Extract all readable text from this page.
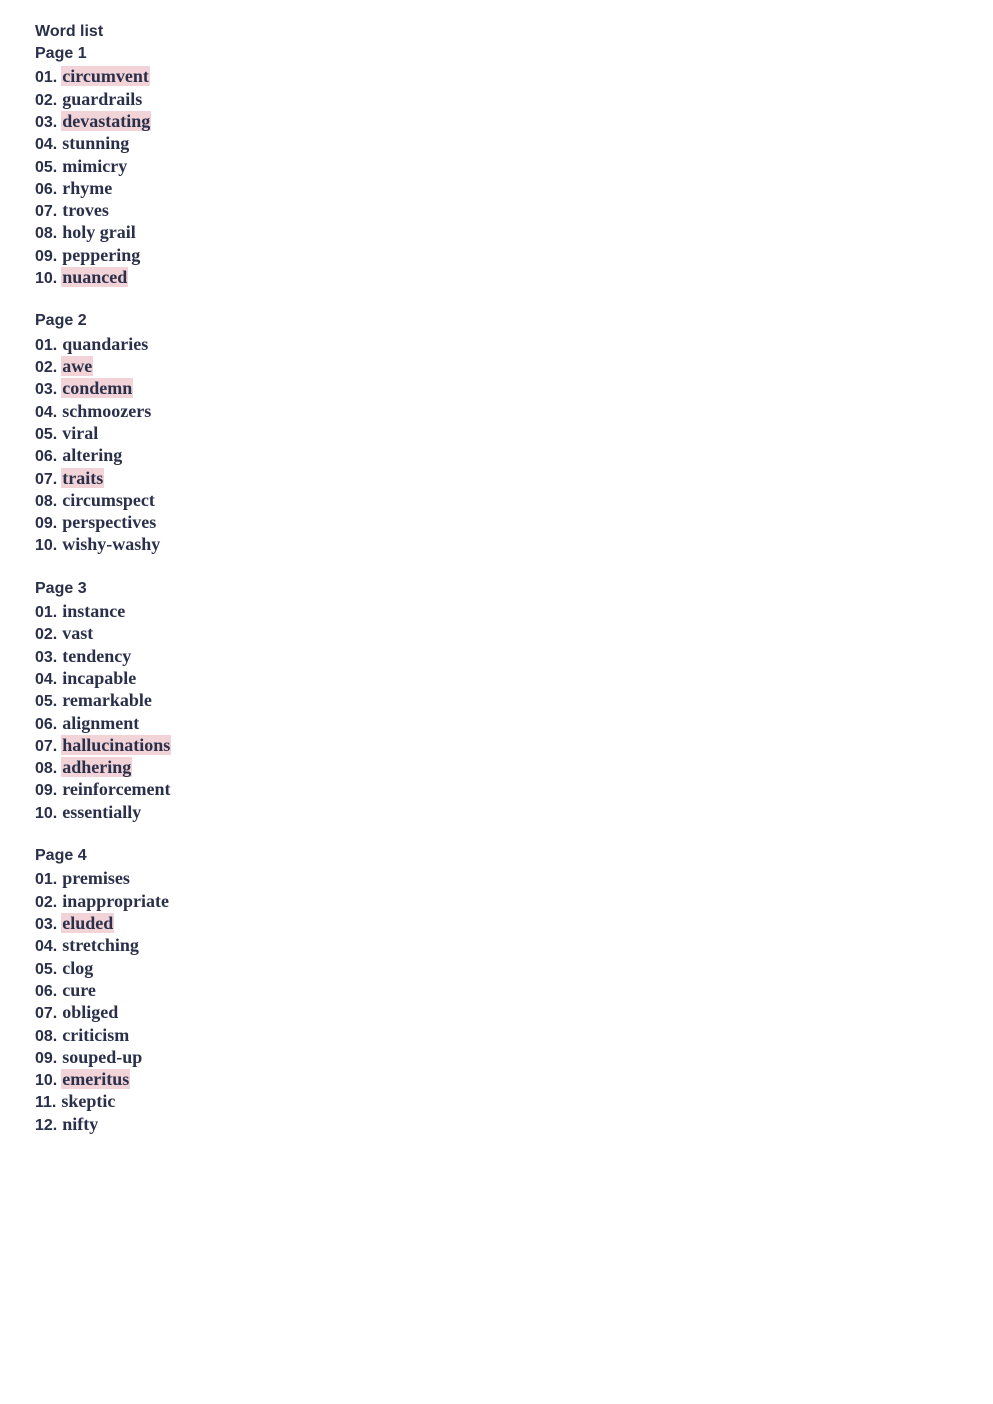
Word list
Page 1
01. circumvent
02. guardrails
03. devastating
04. stunning
05. mimicry
06. rhyme
07. troves
08. holy grail
09. peppering
10. nuanced
Page 2
01. quandaries
02. awe
03. condemn
04. schmoozers
05. viral
06. altering
07. traits
08. circumspect
09. perspectives
10. wishy-washy
Page 3
01. instance
02. vast
03. tendency
04. incapable
05. remarkable
06. alignment
07. hallucinations
08. adhering
09. reinforcement
10. essentially
Page 4
01. premises
02. inappropriate
03. eluded
04. stretching
05. clog
06. cure
07. obliged
08. criticism
09. souped-up
10. emeritus
11. skeptic
12. nifty
